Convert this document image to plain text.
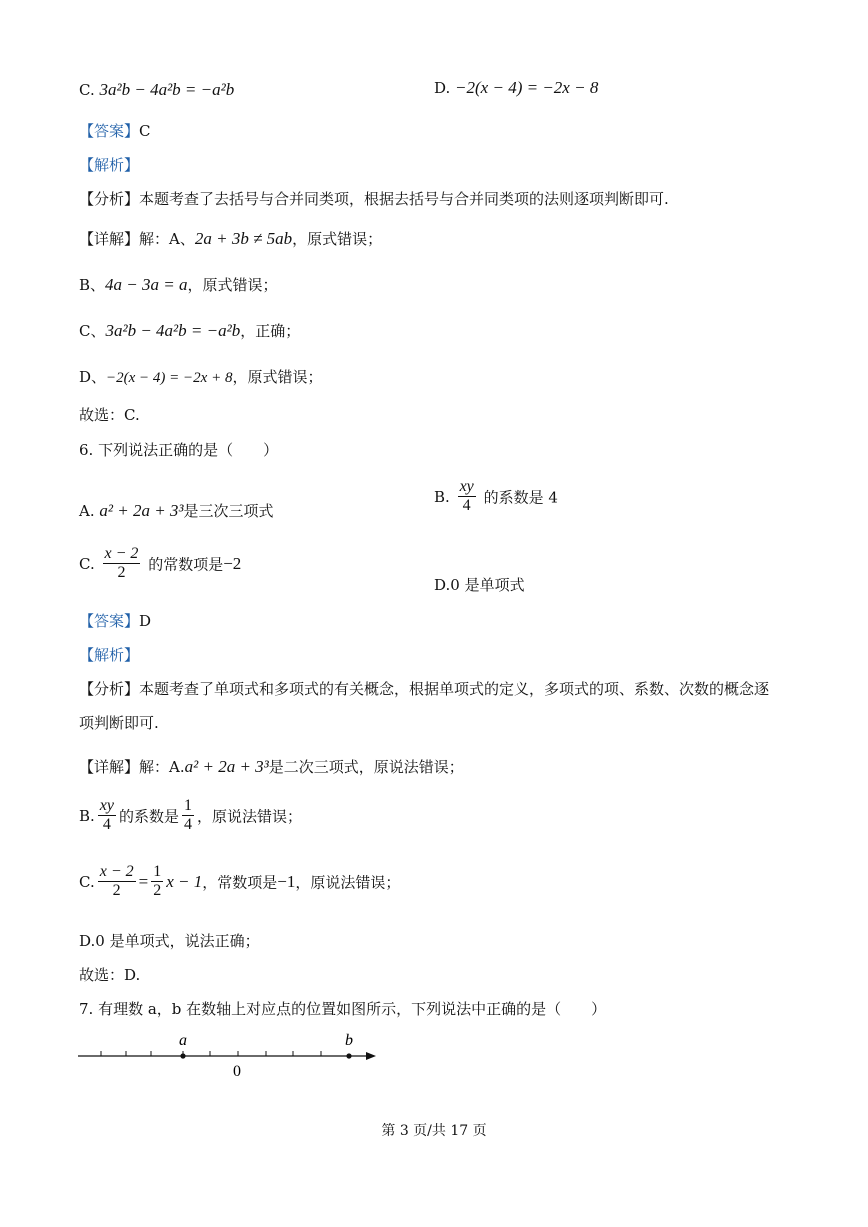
C. 3a²b − 4a²b = −a²b	D. −2(x − 4) = −2x − 8
【答案】C
【解析】
【分析】本题考查了去括号与合并同类项，根据去括号与合并同类项的法则逐项判断即可.
【详解】解：A、2a + 3b ≠ 5ab，原式错误；
B、4a − 3a = a，原式错误；
C、3a²b − 4a²b = −a²b，正确；
D、−2(x − 4) = −2x + 8，原式错误；
故选：C.
6. 下列说法正确的是（　　）
A. a² + 2a + 3³是三次三项式
B. $\frac{xy}{4}$ 的系数是 4
C. $\frac{x - 2}{2}$ 的常数项是−2
D.0 是单项式
【答案】D
【解析】
【分析】本题考查了单项式和多项式的有关概念，根据单项式的定义，多项式的项、系数、次数的概念逐
项判断即可.
【详解】解：A.a² + 2a + 3³是二次三项式，原说法错误；
B. $\frac{xy}{4}$ 的系数是 $\frac{1}{4}$ ，原说法错误；
C. $\frac{x - 2}{2} = \frac{1}{2}$ x − 1，常数项是−1，原说法错误；
D.0 是单项式，说法正确；
故选：D.
7. 有理数 a，b 在数轴上对应点的位置如图所示，下列说法中正确的是（　　）
a	b
0
第 3 页/共 17 页
